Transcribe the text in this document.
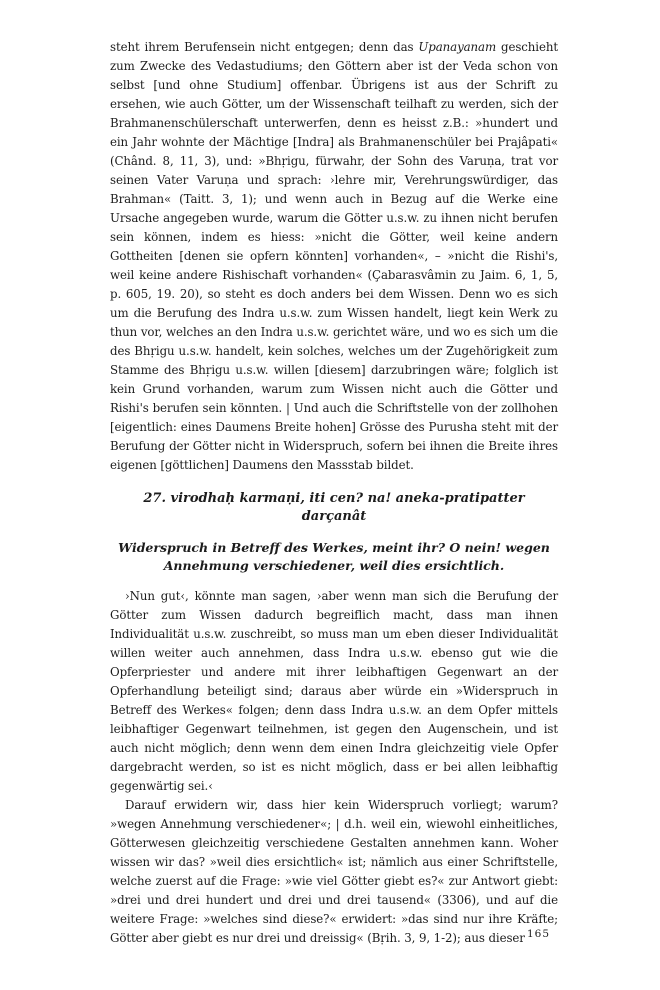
steht ihrem Berufensein nicht entgegen; denn das Upanayanam geschieht zum Zwecke des Vedastudiums; den Göttern aber ist der Veda schon von selbst [und ohne Studium] offenbar. Übrigens ist aus der Schrift zu ersehen, wie auch Götter, um der Wissenschaft teilhaft zu werden, sich der Brahmanenschülerschaft unterwerfen, denn es heisst z.B.: »hundert und ein Jahr wohnte der Mächtige [Indra] als Brahmanenschüler bei Prajâpati« (Chând. 8, 11, 3), und: »Bhṛigu, fürwahr, der Sohn des Varuṇa, trat vor seinen Vater Varuṇa und sprach: ›lehre mir, Verehrungswürdiger, das Brahman« (Taitt. 3, 1); und wenn auch in Bezug auf die Werke eine Ursache angegeben wurde, warum die Götter u.s.w. zu ihnen nicht berufen sein können, indem es hiess: »nicht die Götter, weil keine andern Gottheiten [denen sie opfern könnten] vorhanden«, – »nicht die Rishi's, weil keine andere Rishischaft vorhanden« (Çabarasvâmin zu Jaim. 6, 1, 5, p. 605, 19. 20), so steht es doch anders bei dem Wissen. Denn wo es sich um die Berufung des Indra u.s.w. zum Wissen handelt, liegt kein Werk zu thun vor, welches an den Indra u.s.w. gerichtet wäre, und wo es sich um die des Bhṛigu u.s.w. handelt, kein solches, welches um der Zugehörigkeit zum Stamme des Bhṛigu u.s.w. willen [diesem] darzubringen wäre; folglich ist kein Grund vorhanden, warum zum Wissen nicht auch die Götter und Rishi's berufen sein könnten. | Und auch die Schriftstelle von der zollhohen [eigentlich: eines Daumens Breite hohen] Grösse des Purusha steht mit der Berufung der Götter nicht in Widerspruch, sofern bei ihnen die Breite ihres eigenen [göttlichen] Daumens den Massstab bildet.

27. virodhaḥ karmaṇi, iti cen? na! aneka-pratipatter darçanât
Widerspruch in Betreff des Werkes, meint ihr? O nein! wegen
Annehmung verschiedener, weil dies ersichtlich.

›Nun gut‹, könnte man sagen, ›aber wenn man sich die Berufung der Götter zum Wissen dadurch begreiflich macht, dass man ihnen Individualität u.s.w. zuschreibt, so muss man um eben dieser Individualität willen weiter auch annehmen, dass Indra u.s.w. ebenso gut wie die Opferpriester und andere mit ihrer leibhaftigen Gegenwart an der Opferhandlung beteiligt sind; daraus aber würde ein »Widerspruch in Betreff des Werkes« folgen; denn dass Indra u.s.w. an dem Opfer mittels leibhaftiger Gegenwart teilnehmen, ist gegen den Augenschein, und ist auch nicht möglich; denn wenn dem einen Indra gleichzeitig viele Opfer dargebracht werden, so ist es nicht möglich, dass er bei allen leibhaftig gegenwärtig sei.‹

Darauf erwidern wir, dass hier kein Widerspruch vorliegt; warum? »wegen Annehmung verschiedener«; | d.h. weil ein, wiewohl einheitliches, Götterwesen gleichzeitig verschiedene Gestalten annehmen kann. Woher wissen wir das? »weil dies ersichtlich« ist; nämlich aus einer Schriftstelle, welche zuerst auf die Frage: »wie viel Götter giebt es?« zur Antwort giebt: »drei und drei hundert und drei und drei tausend« (3306), und auf die weitere Frage: »welches sind diese?« erwidert: »das sind nur ihre Kräfte; Götter aber giebt es nur drei und dreissig« (Bṛih. 3, 9, 1-2); aus dieser 165
